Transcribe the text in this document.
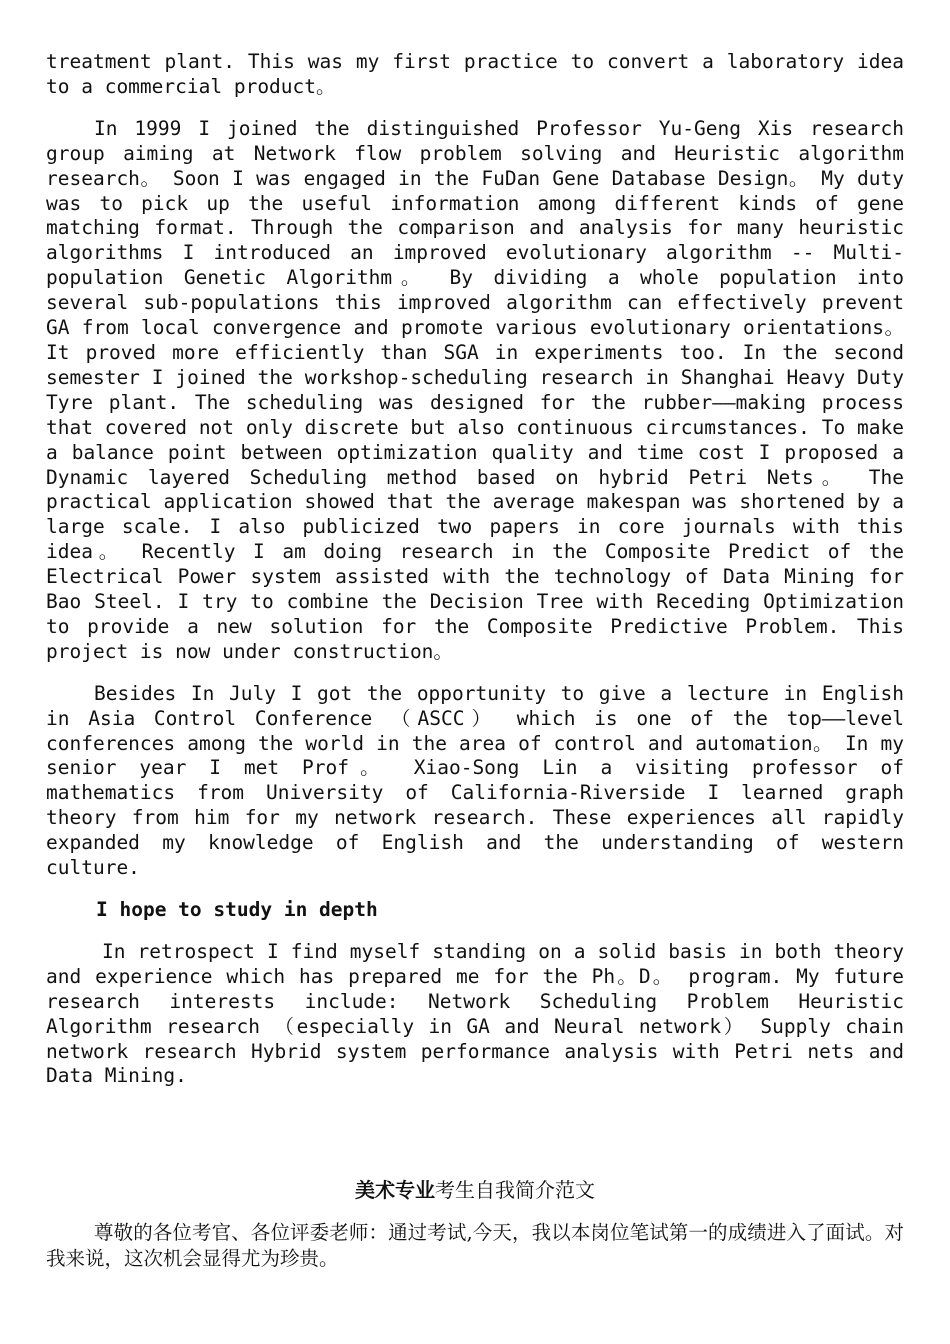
treatment plant. This was my first practice to convert a laboratory idea to a commercial product。

In 1999 I joined the distinguished Professor Yu-Geng Xis research group aiming at Network flow problem solving and Heuristic algorithm research。 Soon I was engaged in the FuDan Gene Database Design。 My duty was to pick up the useful information among different kinds of gene matching format. Through the comparison and analysis for many heuristic algorithms I introduced an improved evolutionary algorithm -- Multi-population Genetic Algorithm。 By dividing a whole population into several sub-populations this improved algorithm can effectively prevent GA from local convergence and promote various evolutionary orientations。 It proved more efficiently than SGA in experiments too. In the second semester I joined the workshop-scheduling research in Shanghai Heavy Duty Tyre plant. The scheduling was designed for the rubber——making process that covered not only discrete but also continuous circumstances. To make a balance point between optimization quality and time cost I proposed a Dynamic layered Scheduling method based on hybrid Petri Nets。 The practical application showed that the average makespan was shortened by a large scale. I also publicized two papers in core journals with this idea。 Recently I am doing research in the Composite Predict of the Electrical Power system assisted with the technology of Data Mining for Bao Steel. I try to combine the Decision Tree with Receding Optimization to provide a new solution for the Composite Predictive Problem. This project is now under construction。

Besides In July I got the opportunity to give a lecture in English in Asia Control Conference （ASCC） which is one of the top——level conferences among the world in the area of control and automation。 In my senior year I met Prof。 Xiao-Song Lin a visiting professor of mathematics from University of California-Riverside I learned graph theory from him for my network research. These experiences all rapidly expanded my knowledge of English and the understanding of western culture.

I hope to study in depth

In retrospect I find myself standing on a solid basis in both theory and experience which has prepared me for the Ph。D。 program. My future research interests include: Network Scheduling Problem Heuristic Algorithm research （especially in GA and Neural network） Supply chain network research Hybrid system performance analysis with Petri nets and Data Mining.

美术专业考生自我简介范文

尊敬的各位考官、各位评委老师：通过考试,今天，我以本岗位笔试第一的成绩进入了面试。对我来说，这次机会显得尤为珍贵。
